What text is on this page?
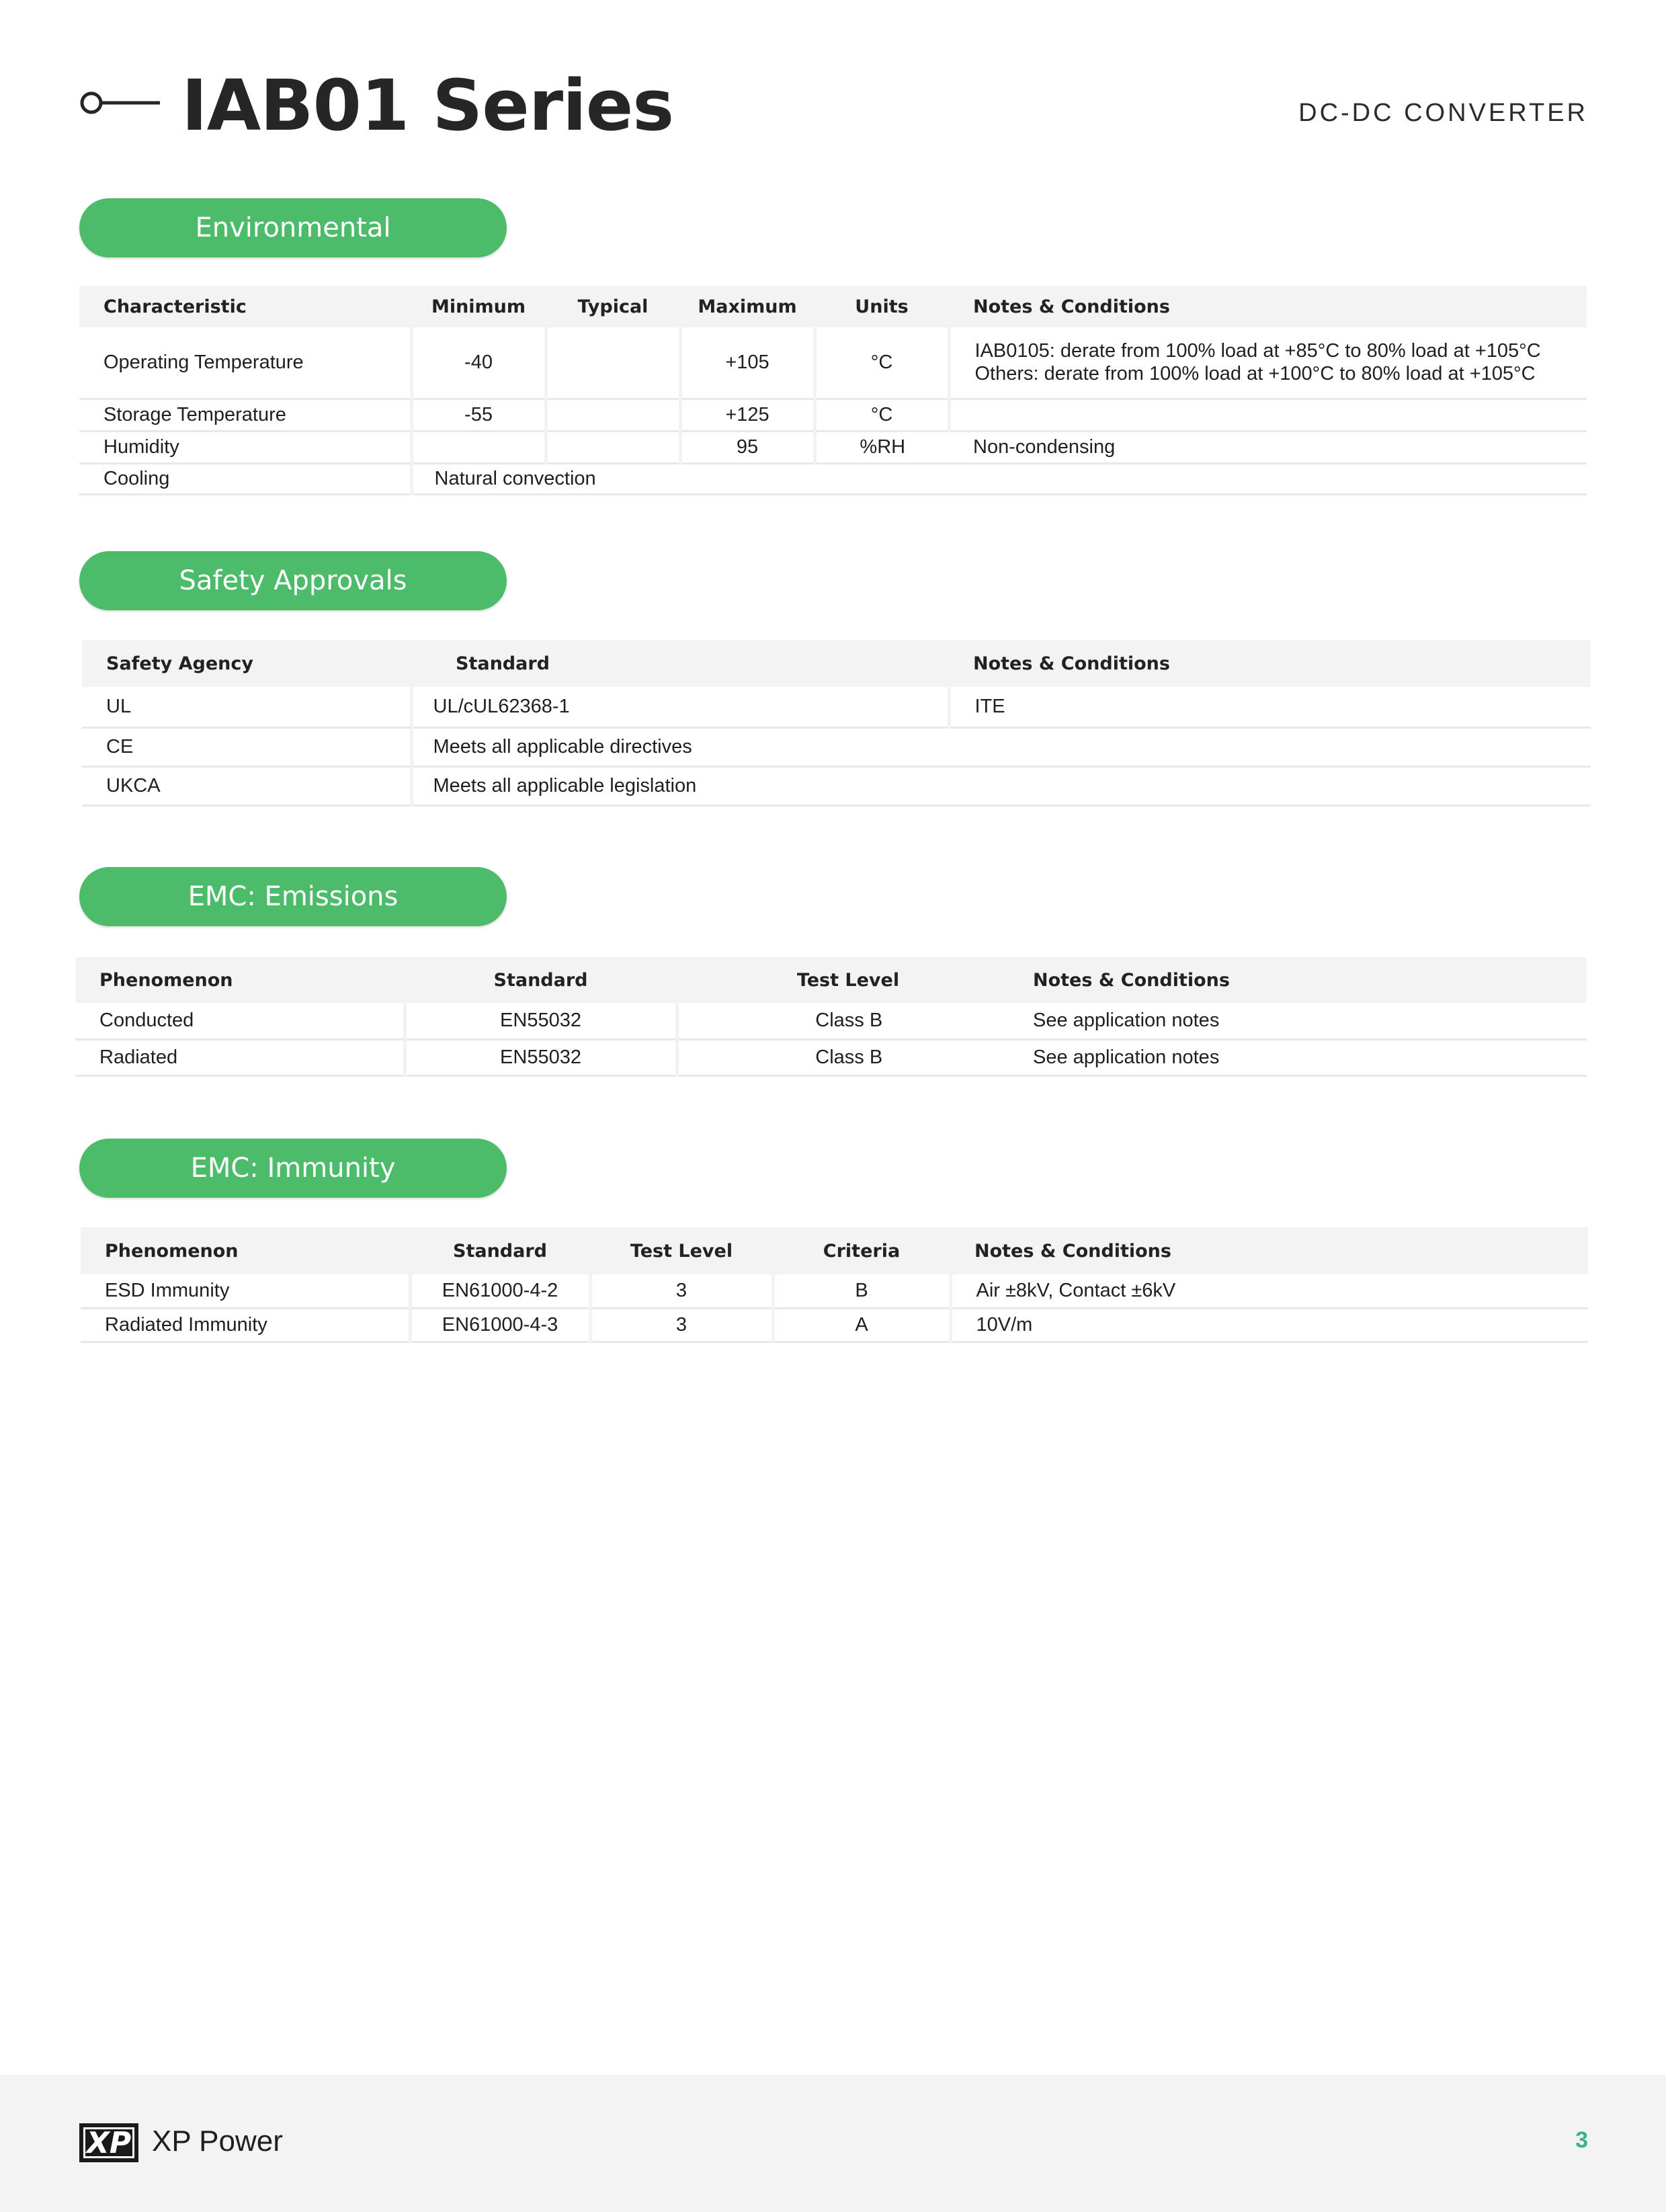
IAB01 Series	DC-DC CONVERTER
Environmental
Characteristic	Minimum	Typical	Maximum	Units	Notes & Conditions
Operating Temperature	-40		+105	°C	IAB0105: derate from 100% load at +85°C to 80% load at +105°C
Others: derate from 100% load at +100°C to 80% load at +105°C

Storage Temperature	-55		+125	°C	
Humidity			95	%RH	Non-condensing
Cooling	Natural convection				
Safety Approvals
Safety Agency	Standard	Notes & Conditions
UL	UL/cUL62368-1	ITE
CE	Meets all applicable directives	
UKCA	Meets all applicable legislation	
EMC: Emissions
Phenomenon	Standard	Test Level	Notes & Conditions
Conducted	EN55032	Class B	See application notes
Radiated	EN55032	Class B	See application notes
EMC: Immunity
Phenomenon	Standard	Test Level	Criteria	Notes & Conditions
ESD Immunity	EN61000-4-2	3	B	Air ±8kV, Contact ±6kV
Radiated Immunity	EN61000-4-3	3	A	10V/m
XP XP Power	3
